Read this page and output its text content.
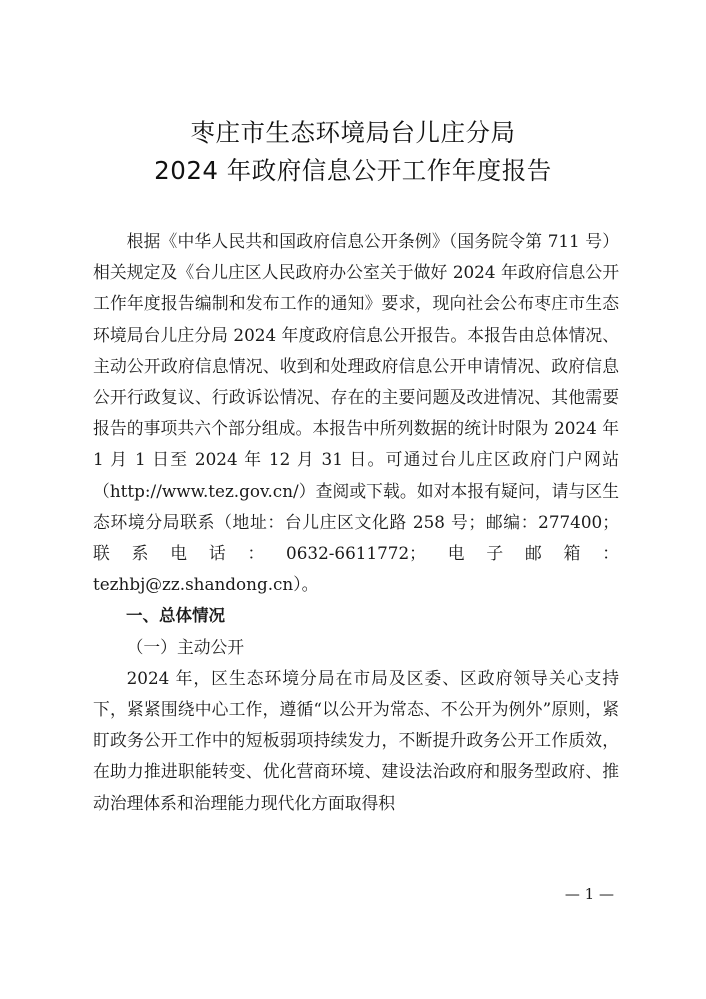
枣庄市生态环境局台儿庄分局
2024 年政府信息公开工作年度报告

根据《中华人民共和国政府信息公开条例》（国务院令第 711 号）相关规定及《台儿庄区人民政府办公室关于做好 2024 年政府信息公开工作年度报告编制和发布工作的通知》要求，现向社会公布枣庄市生态环境局台儿庄分局 2024 年度政府信息公开报告。本报告由总体情况、主动公开政府信息情况、收到和处理政府信息公开申请情况、政府信息公开行政复议、行政诉讼情况、存在的主要问题及改进情况、其他需要报告的事项共六个部分组成。本报告中所列数据的统计时限为 2024 年 1 月 1 日至 2024 年 12 月 31 日。可通过台儿庄区政府门户网站（http://www.tez.gov.cn/）查阅或下载。如对本报有疑问，请与区生态环境分局联系（地址：台儿庄区文化路 258 号；邮编：277400；联系电话：0632-6611772；电子邮箱：tezhbj@zz.shandong.cn）。

一、总体情况

（一）主动公开

2024 年，区生态环境分局在市局及区委、区政府领导关心支持下，紧紧围绕中心工作，遵循“以公开为常态、不公开为例外”原则，紧盯政务公开工作中的短板弱项持续发力，不断提升政务公开工作质效，在助力推进职能转变、优化营商环境、建设法治政府和服务型政府、推动治理体系和治理能力现代化方面取得积

— 1 —
